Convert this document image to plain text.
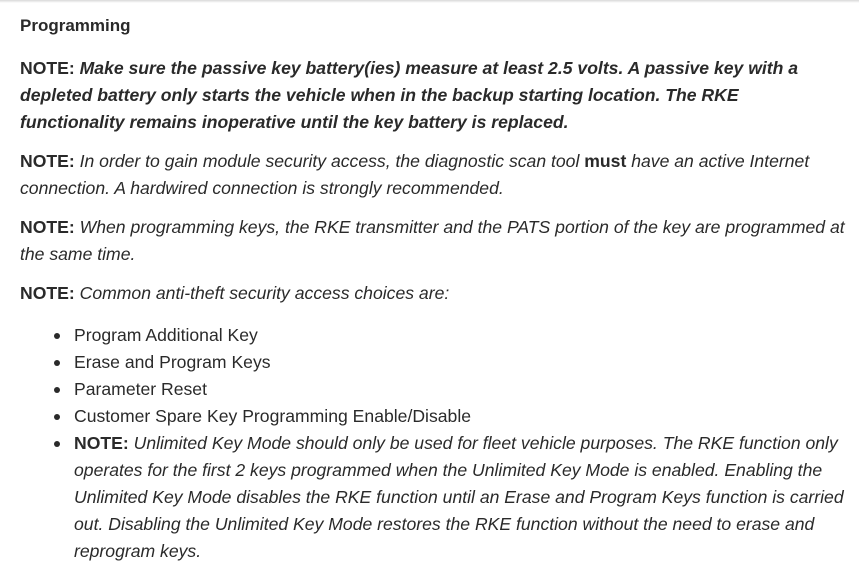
Programming

NOTE: Make sure the passive key battery(ies) measure at least 2.5 volts. A passive key with a depleted battery only starts the vehicle when in the backup starting location. The RKE functionality remains inoperative until the key battery is replaced.

NOTE: In order to gain module security access, the diagnostic scan tool must have an active Internet connection. A hardwired connection is strongly recommended.

NOTE: When programming keys, the RKE transmitter and the PATS portion of the key are programmed at the same time.

NOTE: Common anti-theft security access choices are:

Program Additional Key
Erase and Program Keys
Parameter Reset
Customer Spare Key Programming Enable/Disable
NOTE: Unlimited Key Mode should only be used for fleet vehicle purposes. The RKE function only operates for the first 2 keys programmed when the Unlimited Key Mode is enabled. Enabling the Unlimited Key Mode disables the RKE function until an Erase and Program Keys function is carried out. Disabling the Unlimited Key Mode restores the RKE function without the need to erase and reprogram keys.
